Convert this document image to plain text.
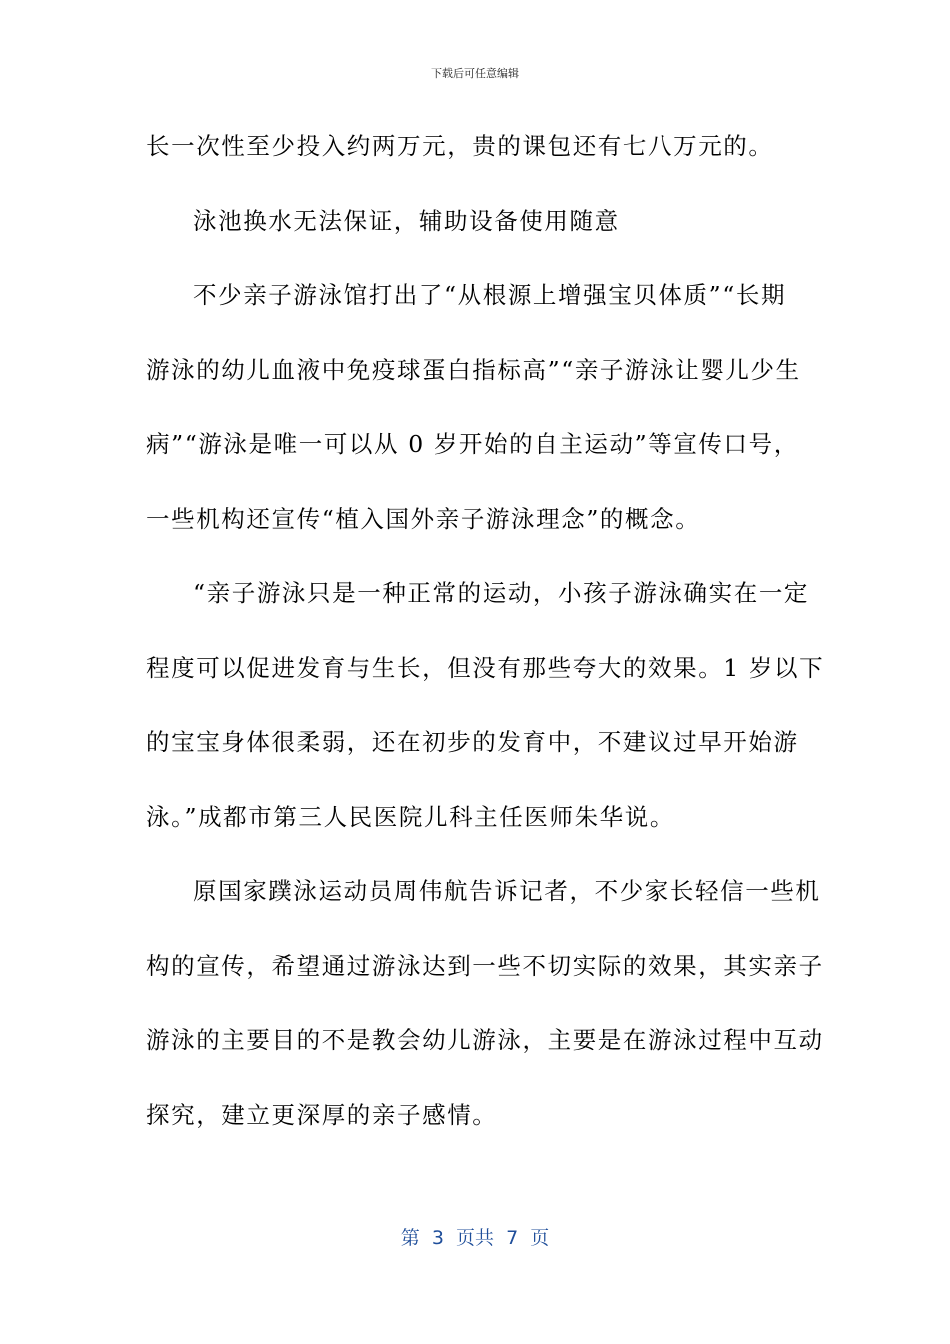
下载后可任意编辑
长一次性至少投入约两万元，贵的课包还有七八万元的。
泳池换水无法保证，辅助设备使用随意
不少亲子游泳馆打出了“从根源上增强宝贝体质”“长期
游泳的幼儿血液中免疫球蛋白指标高”“亲子游泳让婴儿少生
病”“游泳是唯一可以从 0 岁开始的自主运动”等宣传口号，
一些机构还宣传“植入国外亲子游泳理念”的概念。
“亲子游泳只是一种正常的运动，小孩子游泳确实在一定
程度可以促进发育与生长，但没有那些夸大的效果。1 岁以下
的宝宝身体很柔弱，还在初步的发育中，不建议过早开始游
泳。”成都市第三人民医院儿科主任医师朱华说。
原国家蹼泳运动员周伟航告诉记者，不少家长轻信一些机
构的宣传，希望通过游泳达到一些不切实际的效果，其实亲子
游泳的主要目的不是教会幼儿游泳，主要是在游泳过程中互动
探究，建立更深厚的亲子感情。
第  3  页共  7  页
